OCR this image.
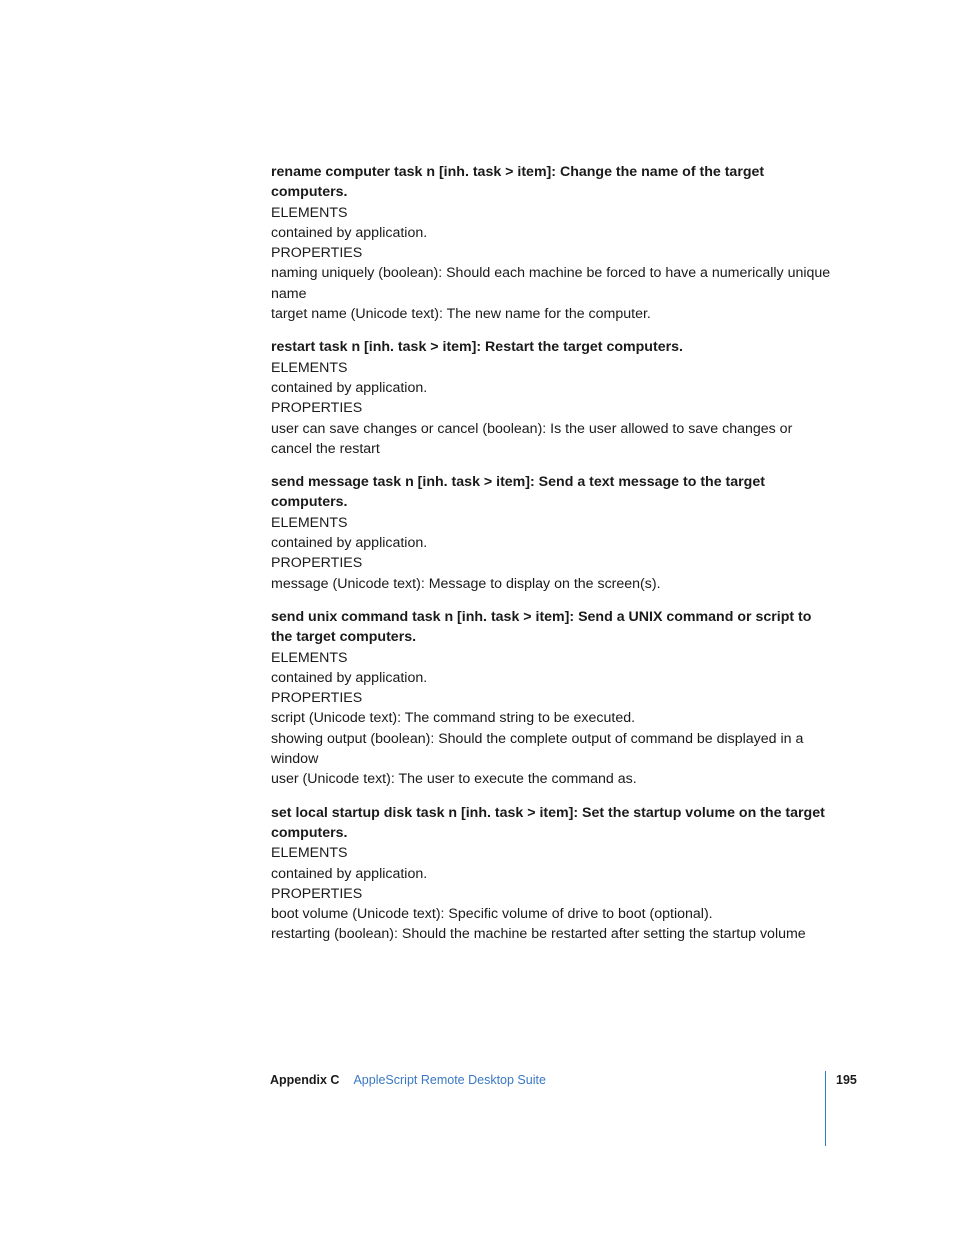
rename computer task n [inh. task > item]: Change the name of the target computers.

ELEMENTS

contained by application.

PROPERTIES

naming uniquely (boolean): Should each machine be forced to have a numerically unique name

target name (Unicode text): The new name for the computer.

restart task n [inh. task > item]: Restart the target computers.

ELEMENTS

contained by application.

PROPERTIES

user can save changes or cancel (boolean): Is the user allowed to save changes or cancel the restart

send message task n [inh. task > item]: Send a text message to the target computers.

ELEMENTS

contained by application.

PROPERTIES

message (Unicode text): Message to display on the screen(s).

send unix command task n [inh. task > item]: Send a UNIX command or script to the target computers.

ELEMENTS

contained by application.

PROPERTIES

script (Unicode text): The command string to be executed.

showing output (boolean): Should the complete output of command be displayed in a window

user (Unicode text): The user to execute the command as.

set local startup disk task n [inh. task > item]: Set the startup volume on the target computers.

ELEMENTS

contained by application.

PROPERTIES

boot volume (Unicode text): Specific volume of drive to boot (optional).

restarting (boolean): Should the machine be restarted after setting the startup volume

Appendix C AppleScript Remote Desktop Suite	195
